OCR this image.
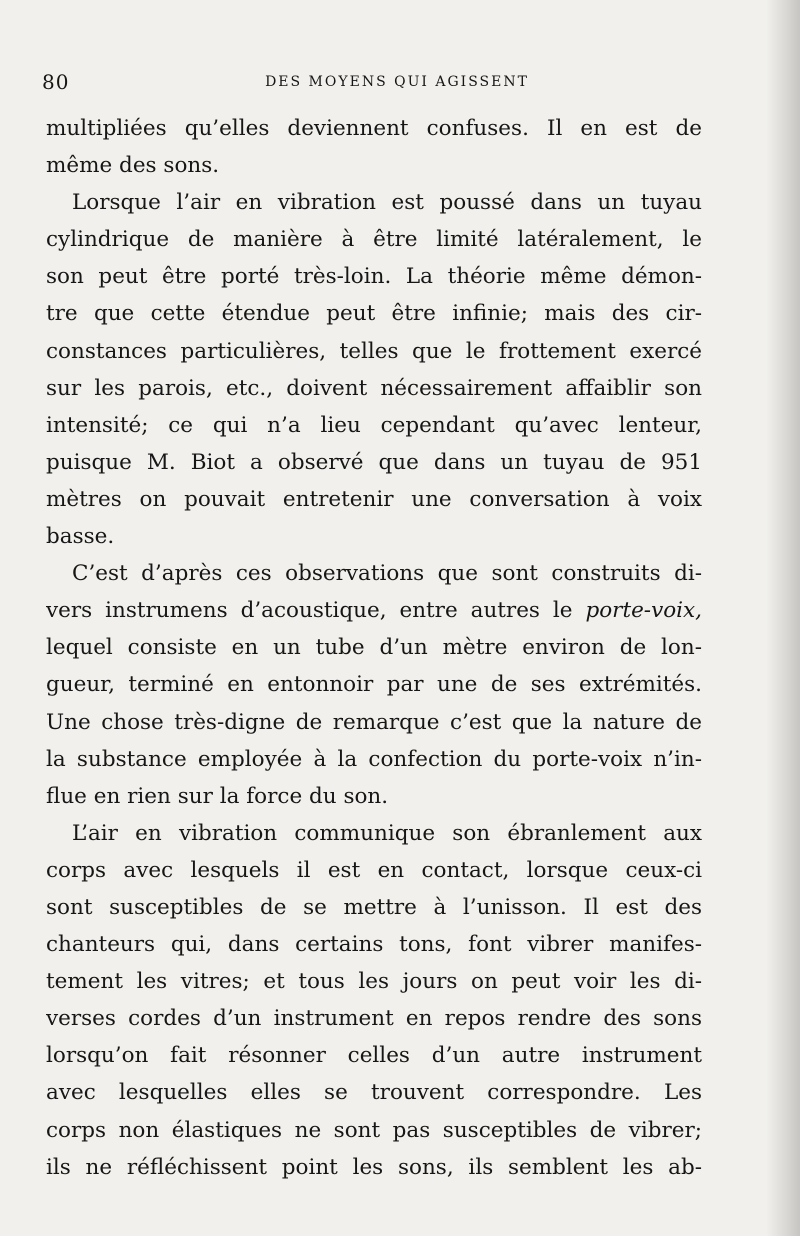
80	DES MOYENS QUI AGISSENT
multipliées qu’elles deviennent confuses. Il en est de
même des sons.
Lorsque l’air en vibration est poussé dans un tuyau
cylindrique de manière à être limité latéralement, le
son peut être porté très-loin. La théorie même démon-
tre que cette étendue peut être infinie; mais des cir-
constances particulières, telles que le frottement exercé
sur les parois, etc., doivent nécessairement affaiblir son
intensité; ce qui n’a lieu cependant qu’avec lenteur,
puisque M. Biot a observé que dans un tuyau de 951
mètres on pouvait entretenir une conversation à voix
basse.
C’est d’après ces observations que sont construits di-
vers instrumens d’acoustique, entre autres le porte-voix,
lequel consiste en un tube d’un mètre environ de lon-
gueur, terminé en entonnoir par une de ses extrémités.
Une chose très-digne de remarque c’est que la nature de
la substance employée à la confection du porte-voix n’in-
flue en rien sur la force du son.
L’air en vibration communique son ébranlement aux
corps avec lesquels il est en contact, lorsque ceux-ci
sont susceptibles de se mettre à l’unisson. Il est des
chanteurs qui, dans certains tons, font vibrer manifes-
tement les vitres; et tous les jours on peut voir les di-
verses cordes d’un instrument en repos rendre des sons
lorsqu’on fait résonner celles d’un autre instrument
avec lesquelles elles se trouvent correspondre. Les
corps non élastiques ne sont pas susceptibles de vibrer;
ils ne réfléchissent point les sons, ils semblent les ab-
